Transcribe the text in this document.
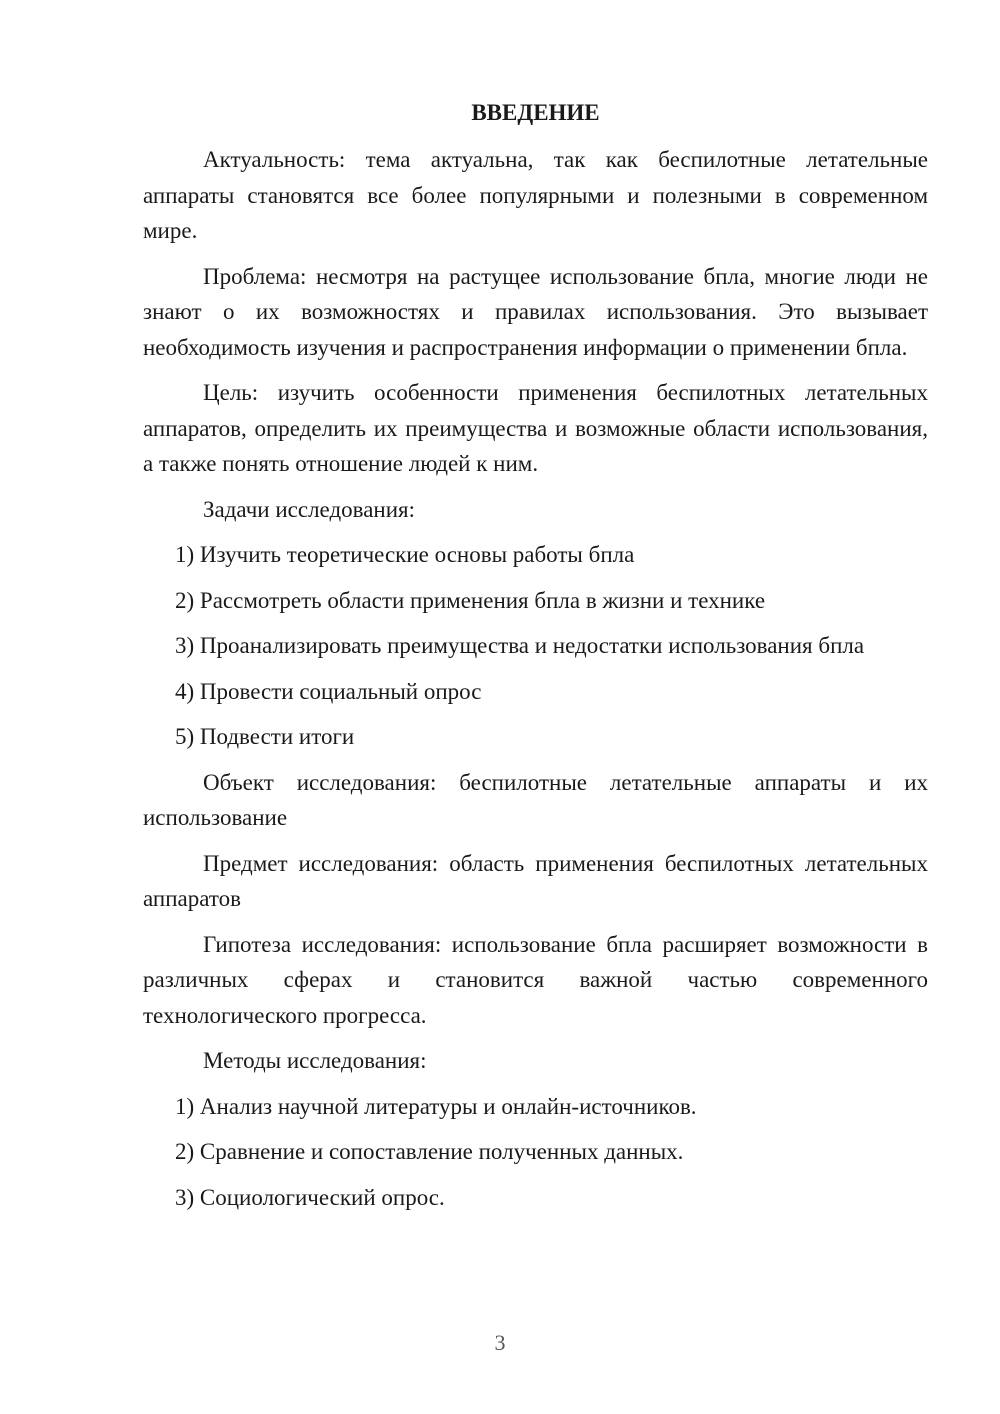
ВВЕДЕНИЕ
Актуальность: тема актуальна, так как беспилотные летательные аппараты становятся все более популярными и полезными в современном мире.
Проблема: несмотря на растущее использование бпла, многие люди не знают о их возможностях и правилах использования. Это вызывает необходимость изучения и распространения информации о применении бпла.
Цель: изучить особенности применения беспилотных летательных аппаратов, определить их преимущества и возможные области использования, а также понять отношение людей к ним.
Задачи исследования:
1) Изучить теоретические основы работы бпла
2) Рассмотреть области применения бпла в жизни и технике
3) Проанализировать преимущества и недостатки использования бпла
4) Провести социальный опрос
5) Подвести итоги
Объект исследования: беспилотные летательные аппараты и их использование
Предмет исследования: область применения беспилотных летательных аппаратов
Гипотеза исследования: использование бпла расширяет возможности в различных сферах и становится важной частью современного технологического прогресса.
Методы исследования:
1) Анализ научной литературы и онлайн-источников.
2) Сравнение и сопоставление полученных данных.
3) Социологический опрос.
3
